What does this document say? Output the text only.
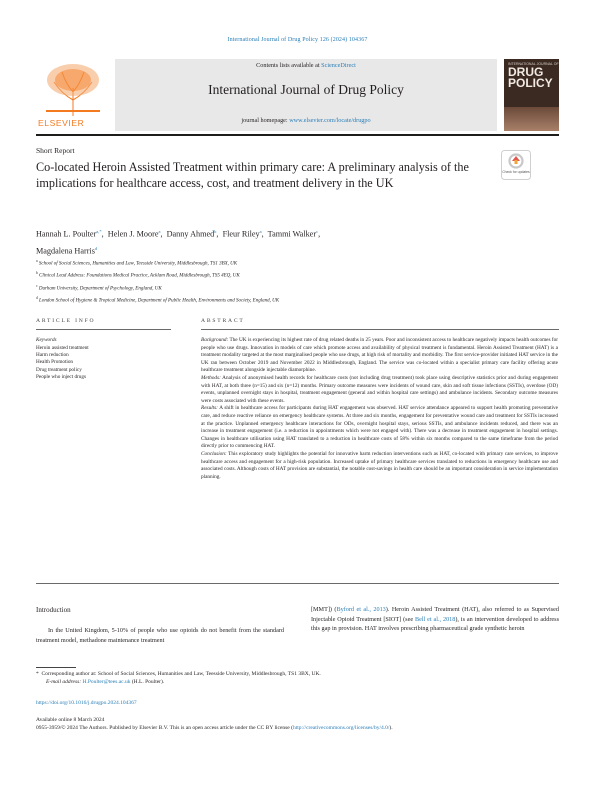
International Journal of Drug Policy 126 (2024) 104367
ELSEVIER
Contents lists available at ScienceDirect
International Journal of Drug Policy
journal homepage: www.elsevier.com/locate/drugpo
INTERNATIONAL JOURNAL OF
DRUG
POLICY
Short Report
Co-located Heroin Assisted Treatment within primary care: A preliminary analysis of the implications for healthcare access, cost, and treatment delivery in the UK
Check for updates
Hannah L. Poulter$^{a,*}$,  Helen J. Moore$^a$,  Danny Ahmed$^b$,  Fleur Riley$^a$,  Tammi Walker$^c$,
Magdalena Harris$^d$
$^a$ School of Social Sciences, Humanities and Law, Teesside University, Middlesbrough, TS1 3BX, UK
$^b$ Clinical Lead Address: Foundations Medical Practice, Acklam Road, Middlesbrough, TS5 4EQ, UK
$^c$ Durham University, Department of Psychology, England, UK
$^d$ London School of Hygiene & Tropical Medicine, Department of Public Health, Environments and Society, England, UK
ARTICLE INFO	ABSTRACT
Keywords
Heroin assisted treatment
Harm reduction
Health Promotion
Drug treatment policy
People who inject drugs

Background: The UK is experiencing its highest rate of drug related deaths in 25 years. Poor and inconsistent access to healthcare negatively impacts health outcomes for people who use drugs. Innovation in models of care which promote access and availability of physical treatment is fundamental. Heroin Assisted Treatment (HAT) is a treatment modality targeted at the most marginalised people who use drugs, at high risk of mortality and morbidity. The first service-provider initiated HAT service in the UK ran between October 2019 and November 2022 in Middlesbrough, England. The service was co-located within a specialist primary care facility offering acute healthcare treatment alongside injectable diamorphine.

Methods: Analysis of anonymised health records for healthcare costs (not including drug treatment) took place using descriptive statistics prior and during engagement with HAT, at both three (n=15) and six (n=12) months. Primary outcome measures were incidents of wound care, skin and soft tissue infections (SSTIs), overdose (OD) events, unplanned overnight stays in hospital, treatment engagement (general and within hospital care settings) and ambulance incidents. Secondary outcome measures were costs associated with these events.

Results: A shift in healthcare access for participants during HAT engagement was observed. HAT service attendance appeared to support health promoting preventative care, and reduce reactive reliance on emergency healthcare systems. At three and six months, engagement for preventative wound care and treatment for SSTIs increased at the practice. Unplanned emergency healthcare interactions for ODs, overnight hospital stays, serious SSTIs, and ambulance incidents reduced, and there was an increase in treatment engagement (i.e. a reduction in appointments which were not engaged with). There was a decrease in treatment engagement in hospital settings. Changes in healthcare utilisation using HAT translated to a reduction in healthcare costs of 58% within six months compared to the same timeframe from the period directly prior to commencing HAT.

Conclusion: This exploratory study highlights the potential for innovative harm reduction interventions such as HAT, co-located with primary care services, to improve healthcare access and engagement for a high-risk population. Increased uptake of primary healthcare services translated to reductions in emergency healthcare use and associated costs. Although costs of HAT provision are substantial, the notable cost-savings in health care should be an important consideration in service implementation planning.

Introduction
In the United Kingdom, 5-10% of people who use opioids do not benefit from the standard treatment model, methadone maintenance treatment
[MMT]) (Byford et al., 2013). Heroin Assisted Treatment (HAT), also referred to as Supervised Injectable Opioid Treatment [SIOT] (see Bell et al., 2018), is an intervention developed to address this gap in provision. HAT involves prescribing pharmaceutical grade synthetic heroin
* Corresponding author at: School of Social Sciences, Humanities and Law, Teesside University, Middlesbrough, TS1 3BX, UK.
E-mail address: H.Poulter@tees.ac.uk (H.L. Poulter).
https://doi.org/10.1016/j.drugpo.2024.104367
Available online 8 March 2024
0955-3959/© 2024 The Authors. Published by Elsevier B.V. This is an open access article under the CC BY license (http://creativecommons.org/licenses/by/4.0/).
